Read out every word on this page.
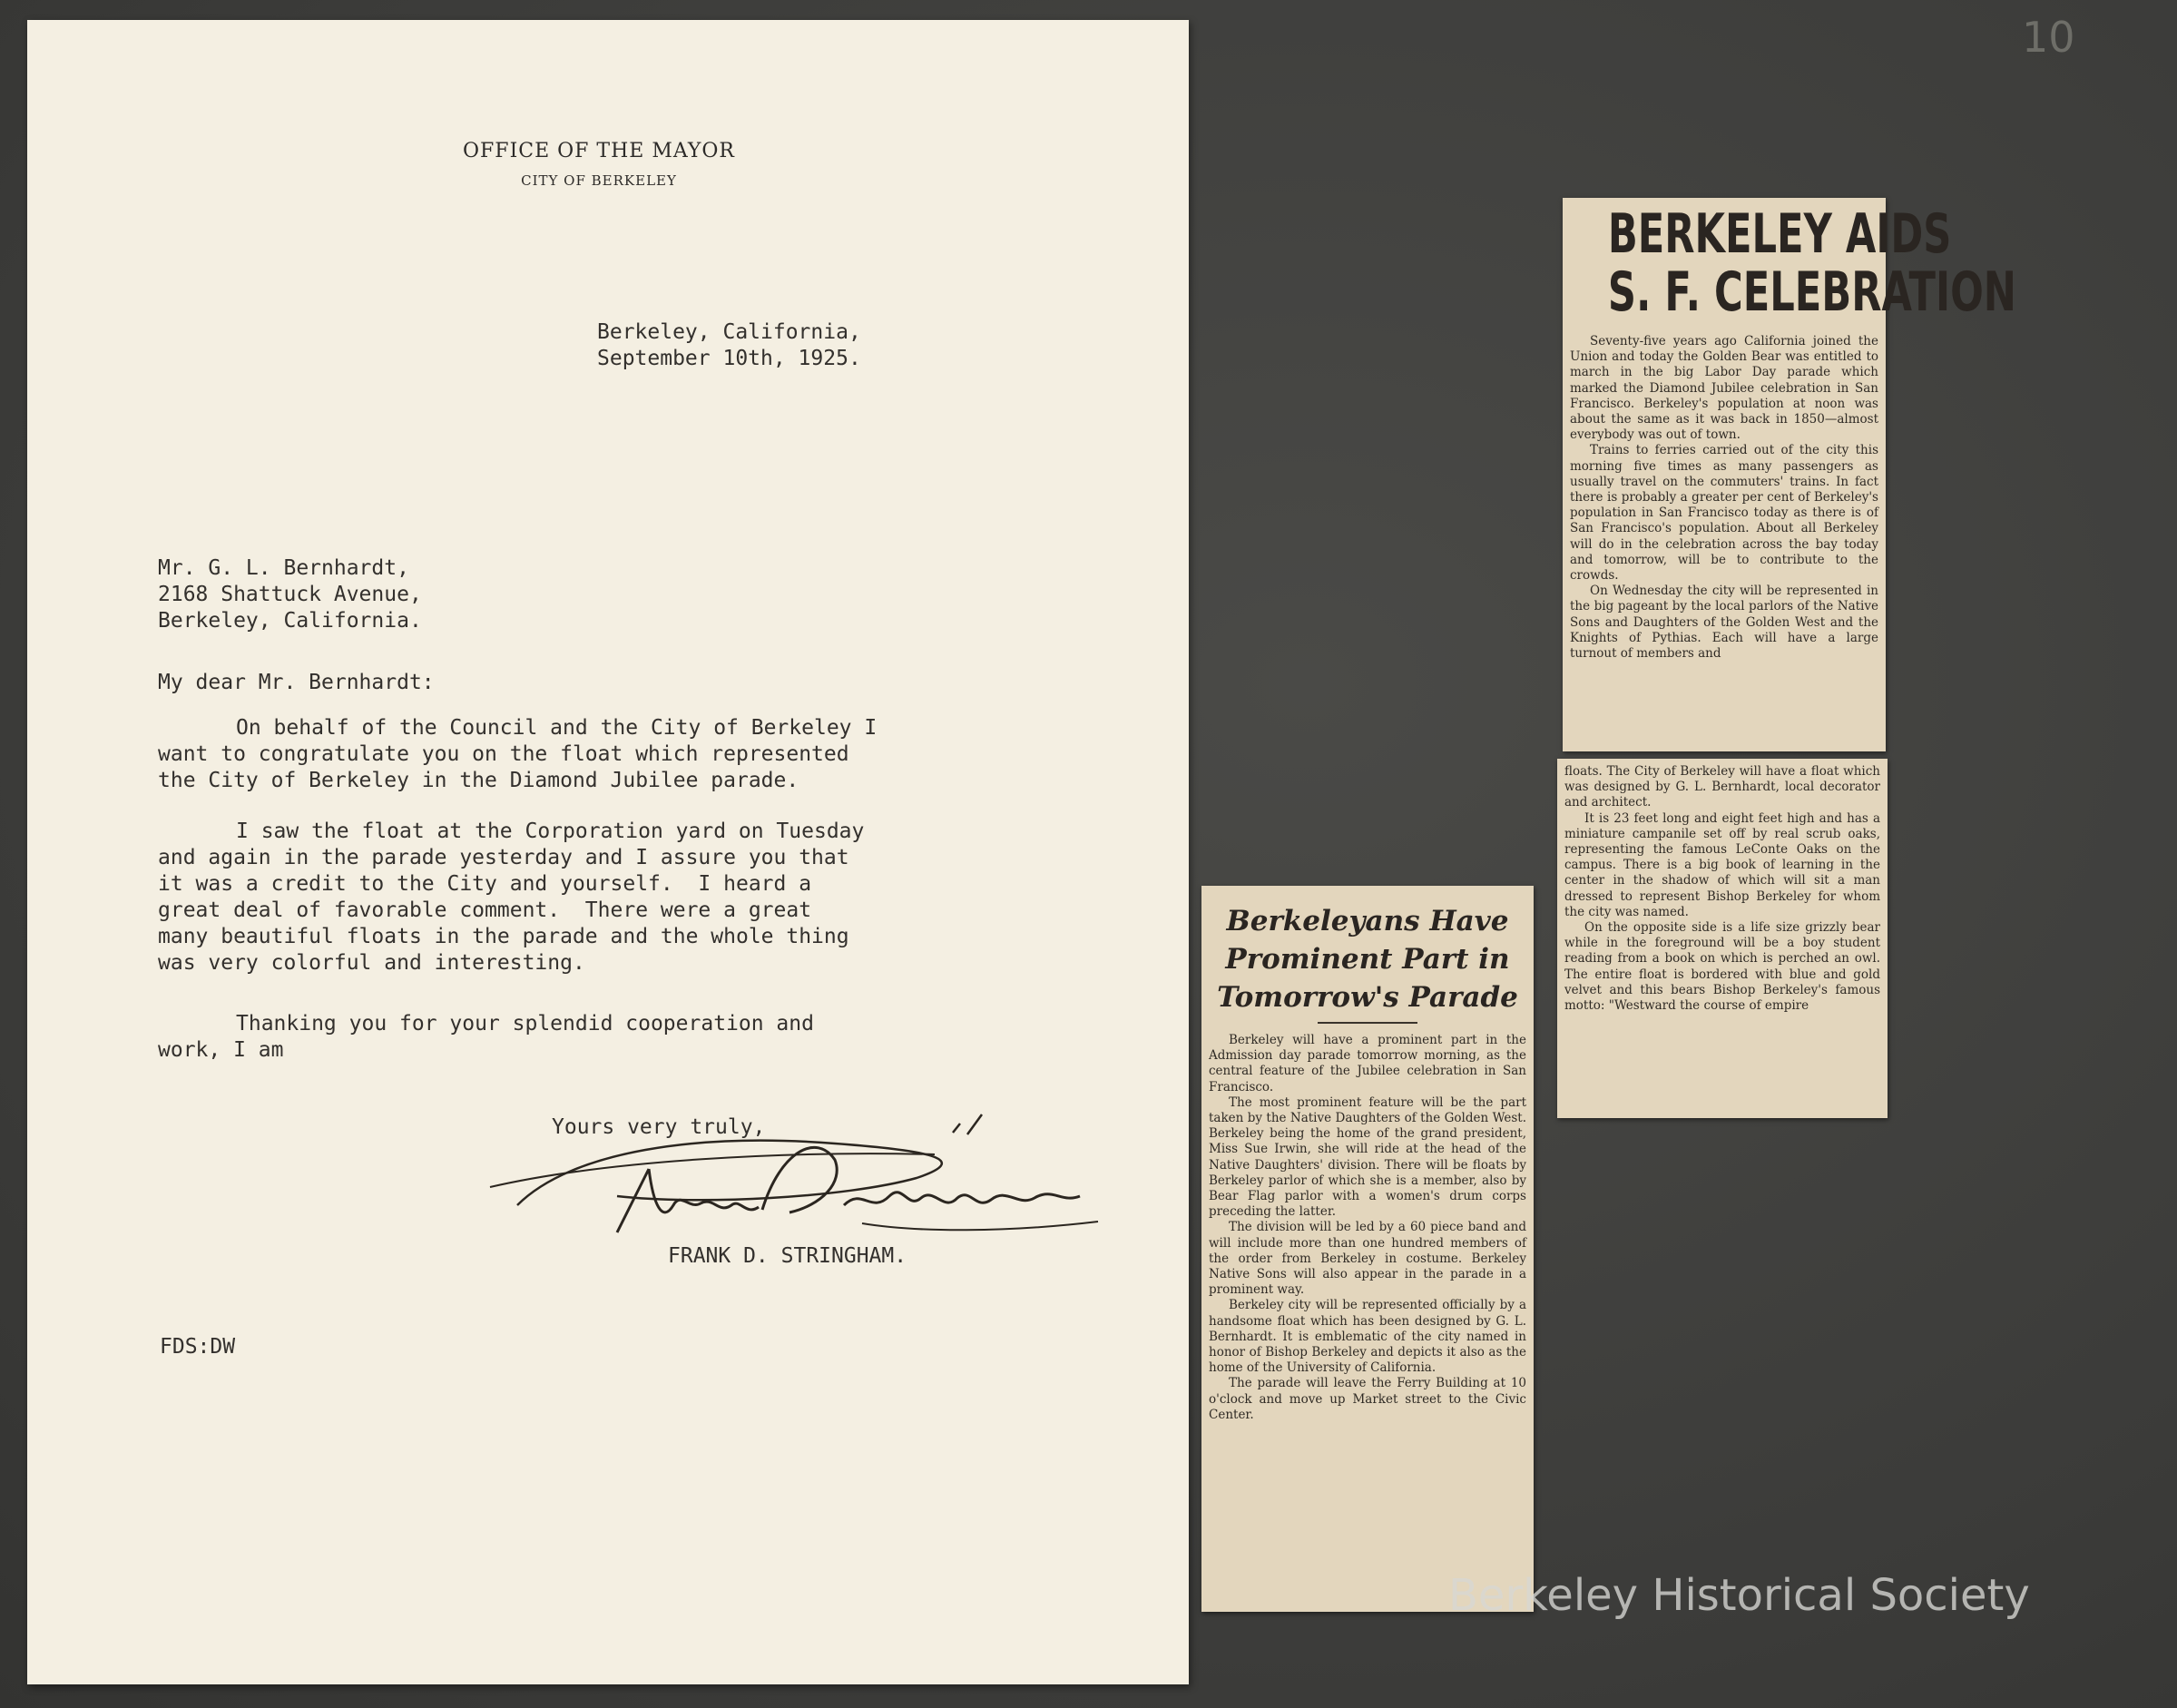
10
OFFICE OF THE MAYOR
CITY OF BERKELEY
Berkeley, California,
September 10th, 1925.
Mr. G. L. Bernhardt,
2168 Shattuck Avenue,
Berkeley, California.
My dear Mr. Bernhardt:
On behalf of the Council and the City of Berkeley I
want to congratulate you on the float which represented
the City of Berkeley in the Diamond Jubilee parade.
I saw the float at the Corporation yard on Tuesday
and again in the parade yesterday and I assure you that
it was a credit to the City and yourself.  I heard a
great deal of favorable comment.  There were a great
many beautiful floats in the parade and the whole thing
was very colorful and interesting.
Thanking you for your splendid cooperation and
work, I am
Yours very truly,
FRANK D. STRINGHAM.
FDS:DW
BERKELEY AIDS
S. F. CELEBRATION

Seventy-five years ago California joined the Union and today the Golden Bear was entitled to march in the big Labor Day parade which marked the Diamond Jubilee celebration in San Francisco. Berkeley's population at noon was about the same as it was back in 1850—almost everybody was out of town.

Trains to ferries carried out of the city this morning five times as many passengers as usually travel on the commuters' trains. In fact there is probably a greater per cent of Berkeley's population in San Francisco today as there is of San Francisco's population. About all Berkeley will do in the celebration across the bay today and tomorrow, will be to contribute to the crowds.

On Wednesday the city will be represented in the big pageant by the local parlors of the Native Sons and Daughters of the Golden West and the Knights of Pythias. Each will have a large turnout of members and

floats. The City of Berkeley will have a float which was designed by G. L. Bernhardt, local decorator and architect.

It is 23 feet long and eight feet high and has a miniature campanile set off by real scrub oaks, representing the famous LeConte Oaks on the campus. There is a big book of learning in the center in the shadow of which will sit a man dressed to represent Bishop Berkeley for whom the city was named.

On the opposite side is a life size grizzly bear while in the foreground will be a boy student reading from a book on which is perched an owl. The entire float is bordered with blue and gold velvet and this bears Bishop Berkeley's famous motto: "Westward the course of empire

Berkeleyans Have
Prominent Part in
Tomorrow's Parade

Berkeley will have a prominent part in the Admission day parade tomorrow morning, as the central feature of the Jubilee celebration in San Francisco.

The most prominent feature will be the part taken by the Native Daughters of the Golden West. Berkeley being the home of the grand president, Miss Sue Irwin, she will ride at the head of the Native Daughters' division. There will be floats by Berkeley parlor of which she is a member, also by Bear Flag parlor with a women's drum corps preceding the latter.

The division will be led by a 60 piece band and will include more than one hundred members of the order from Berkeley in costume. Berkeley Native Sons will also appear in the parade in a prominent way.

Berkeley city will be represented officially by a handsome float which has been designed by G. L. Bernhardt. It is emblematic of the city named in honor of Bishop Berkeley and depicts it also as the home of the University of California.

The parade will leave the Ferry Building at 10 o'clock and move up Market street to the Civic Center.

Berkeley Historical Society
